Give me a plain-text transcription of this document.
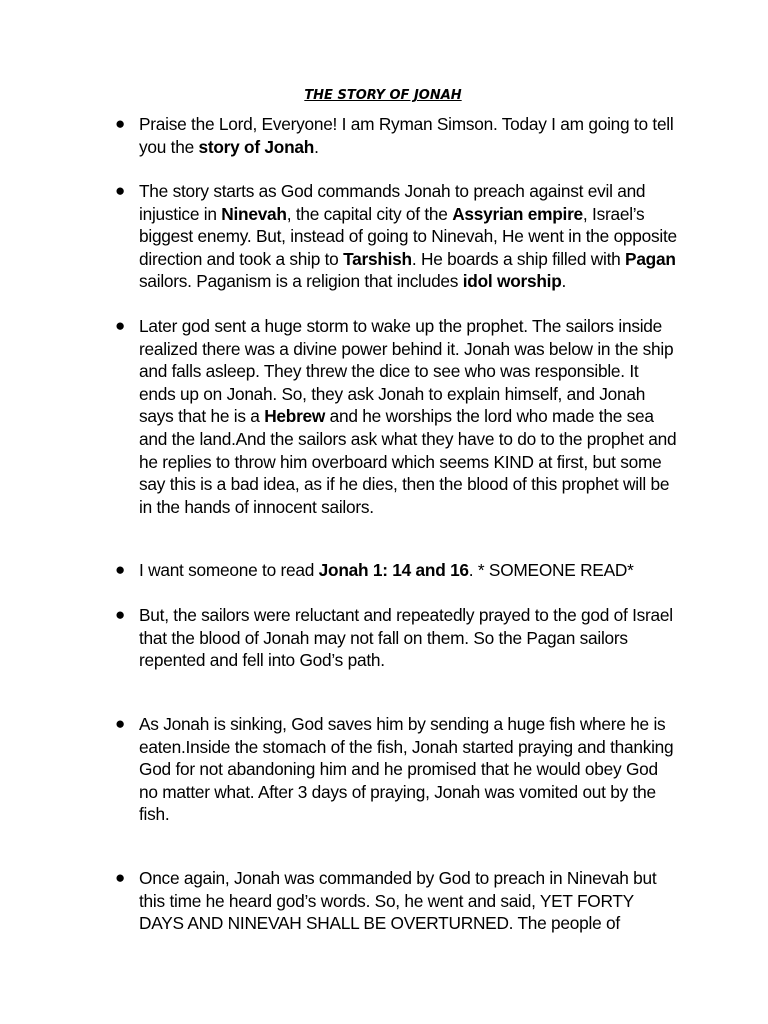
THE STORY OF JONAH
● Praise the Lord, Everyone! I am Ryman Simson. Today I am going to tell you the story of Jonah.
● The story starts as God commands Jonah to preach against evil and injustice in Ninevah, the capital city of the Assyrian empire, Israel’s biggest enemy. But, instead of going to Ninevah, He went in the opposite direction and took a ship to Tarshish. He boards a ship filled with Pagan sailors. Paganism is a religion that includes idol worship.
● Later god sent a huge storm to wake up the prophet. The sailors inside realized there was a divine power behind it. Jonah was below in the ship and falls asleep. They threw the dice to see who was responsible. It ends up on Jonah. So, they ask Jonah to explain himself, and Jonah says that he is a Hebrew and he worships the lord who made the sea and the land.And the sailors ask what they have to do to the prophet and he replies to throw him overboard which seems KIND at first, but some say this is a bad idea, as if he dies, then the blood of this prophet will be in the hands of innocent sailors.
● I want someone to read Jonah 1: 14 and 16. * SOMEONE READ*
● But, the sailors were reluctant and repeatedly prayed to the god of Israel that the blood of Jonah may not fall on them. So the Pagan sailors repented and fell into God’s path.
● As Jonah is sinking, God saves him by sending a huge fish where he is eaten.Inside the stomach of the fish, Jonah started praying and thanking God for not abandoning him and he promised that he would obey God no matter what. After 3 days of praying, Jonah was vomited out by the fish.
● Once again, Jonah was commanded by God to preach in Ninevah but this time he heard god’s words. So, he went and said, YET FORTY DAYS AND NINEVAH SHALL BE OVERTURNED. The people of
